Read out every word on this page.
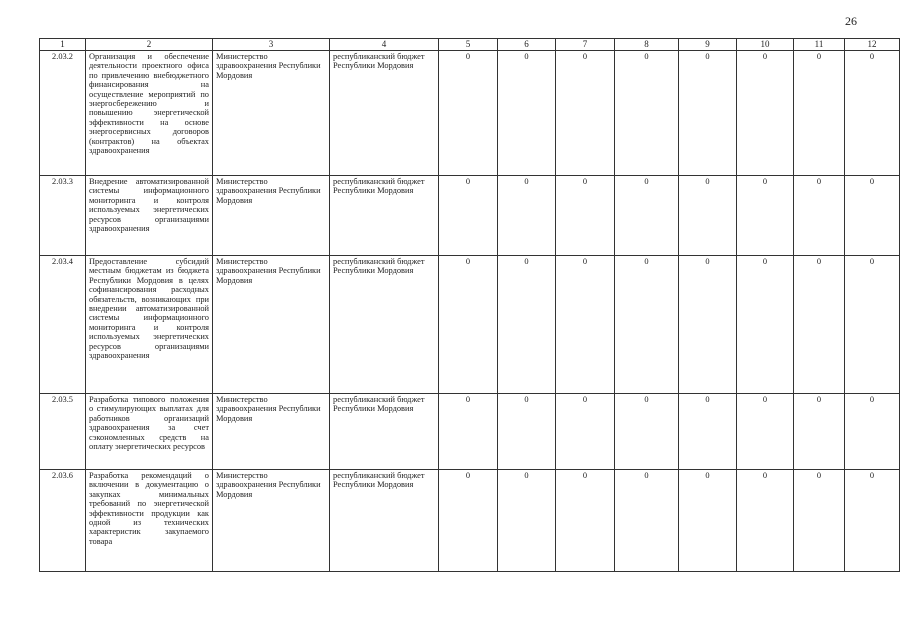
26
1	2	3	4	5	6	7	8	9	10	11	12
2.03.2	Организация и обеспечение деятельности проектного офиса по привлечению внебюджетного финансирования на осуществление мероприятий по энергосбережению и повышению энергетической эффективности на основе энергосервисных договоров (контрактов) на объектах здравоохранения	Министерство здравоохранения Республики Мордовия	республиканский бюджет Республики Мордовия	0	0	0	0	0	0	0	0
2.03.3	Внедрение автоматизированной системы информационного мониторинга и контроля используемых энергетических ресурсов организациями здравоохранения	Министерство здравоохранения Республики Мордовия	республиканский бюджет Республики Мордовия	0	0	0	0	0	0	0	0
2.03.4	Предоставление субсидий местным бюджетам из бюджета Республики Мордовия в целях софинансирования расходных обязательств, возникающих при внедрении автоматизированной системы информационного мониторинга и контроля используемых энергетических ресурсов организациями здравоохранения	Министерство здравоохранения Республики Мордовия	республиканский бюджет Республики Мордовия	0	0	0	0	0	0	0	0
2.03.5	Разработка типового положения о стимулирующих выплатах для работников организаций здравоохранения за счет сэкономленных средств на оплату энергетических ресурсов	Министерство здравоохранения Республики Мордовия	республиканский бюджет Республики Мордовия	0	0	0	0	0	0	0	0
2.03.6	Разработка рекомендаций о включении в документацию о закупках минимальных требований по энергетической эффективности продукции как одной из технических характеристик закупаемого товара	Министерство здравоохранения Республики Мордовия	республиканский бюджет Республики Мордовия	0	0	0	0	0	0	0	0
